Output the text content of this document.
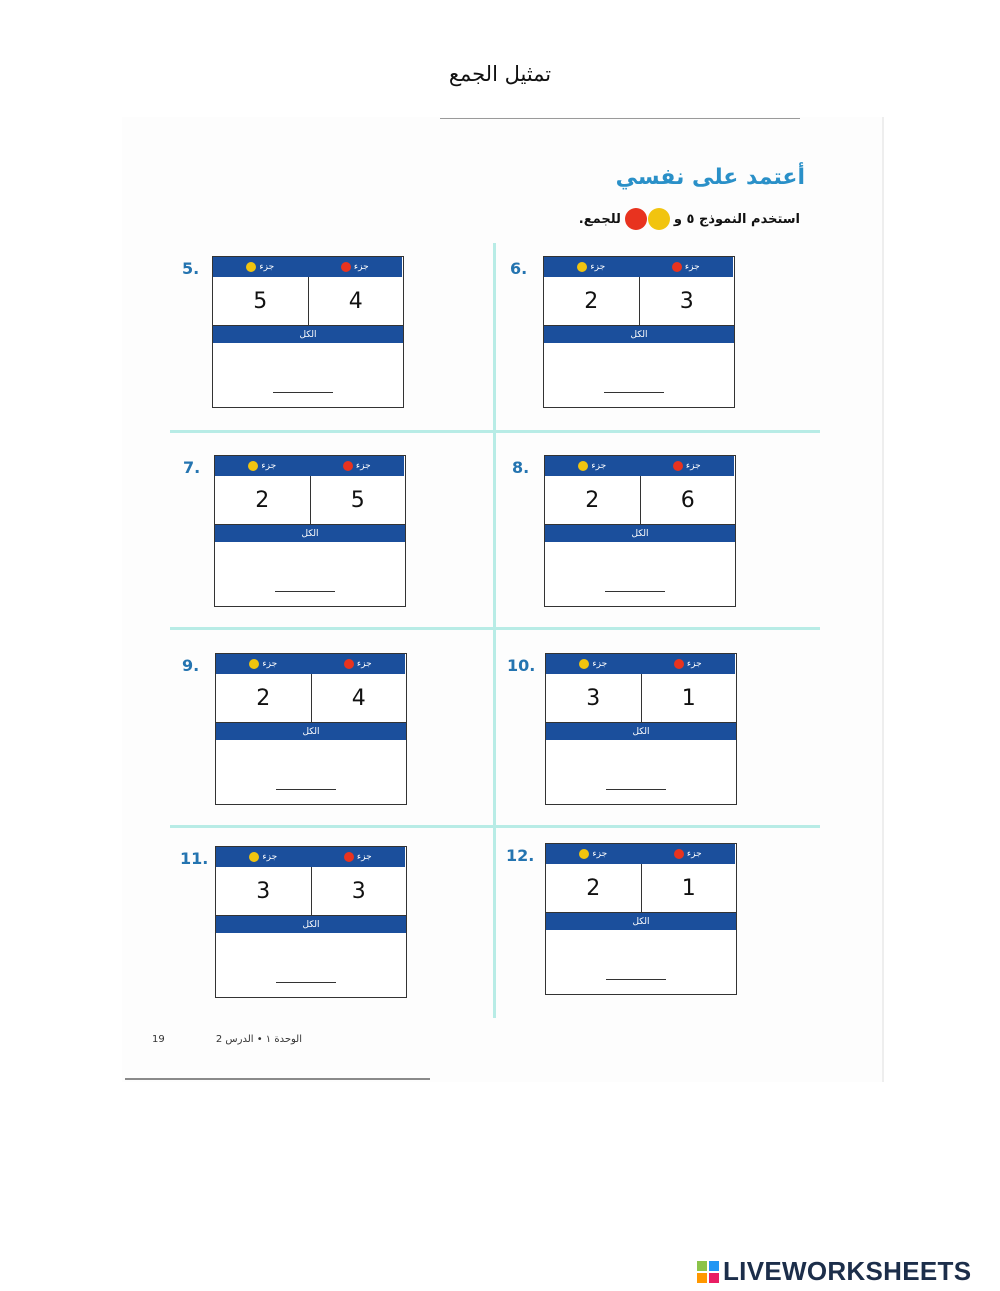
تمثيل الجمع
أعتمد على نفسي
استخدم النموذج ٥ و
للجمع.
5.	جزء	جزء
5	4
الكل
6.	جزء	جزء
2	3
الكل
7.	جزء	جزء
2	5
الكل
8.	جزء	جزء
2	6
الكل
9.	جزء	جزء
2	4
الكل
10.	جزء	جزء
3	1
الكل
11.	جزء	جزء
3	3
الكل
12.	جزء	جزء
2	1
الكل
19	الوحدة ١ • الدرس 2
LIVEWORKSHEETS
